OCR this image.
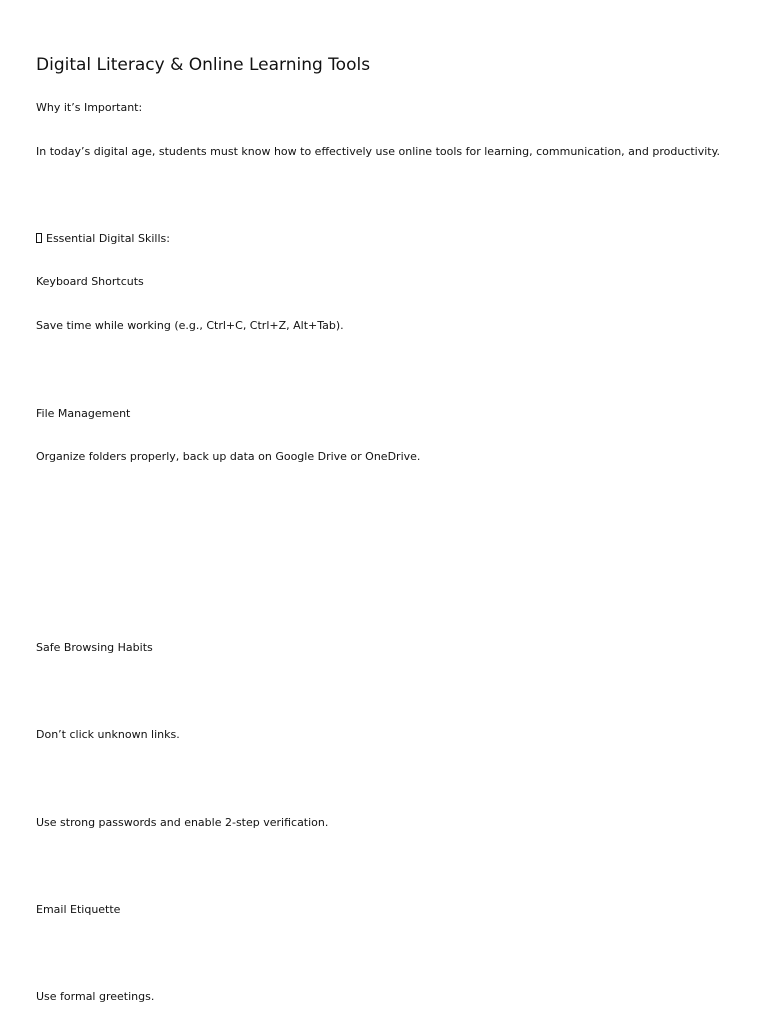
Digital Literacy & Online Learning Tools

Why it’s Important:

In today’s digital age, students must know how to effectively use online tools for learning, communication, and productivity.

Essential Digital Skills:

Keyboard Shortcuts

Save time while working (e.g., Ctrl+C, Ctrl+Z, Alt+Tab).

File Management

Organize folders properly, back up data on Google Drive or OneDrive.

Safe Browsing Habits

Don’t click unknown links.

Use strong passwords and enable 2-step verification.

Email Etiquette

Use formal greetings.
